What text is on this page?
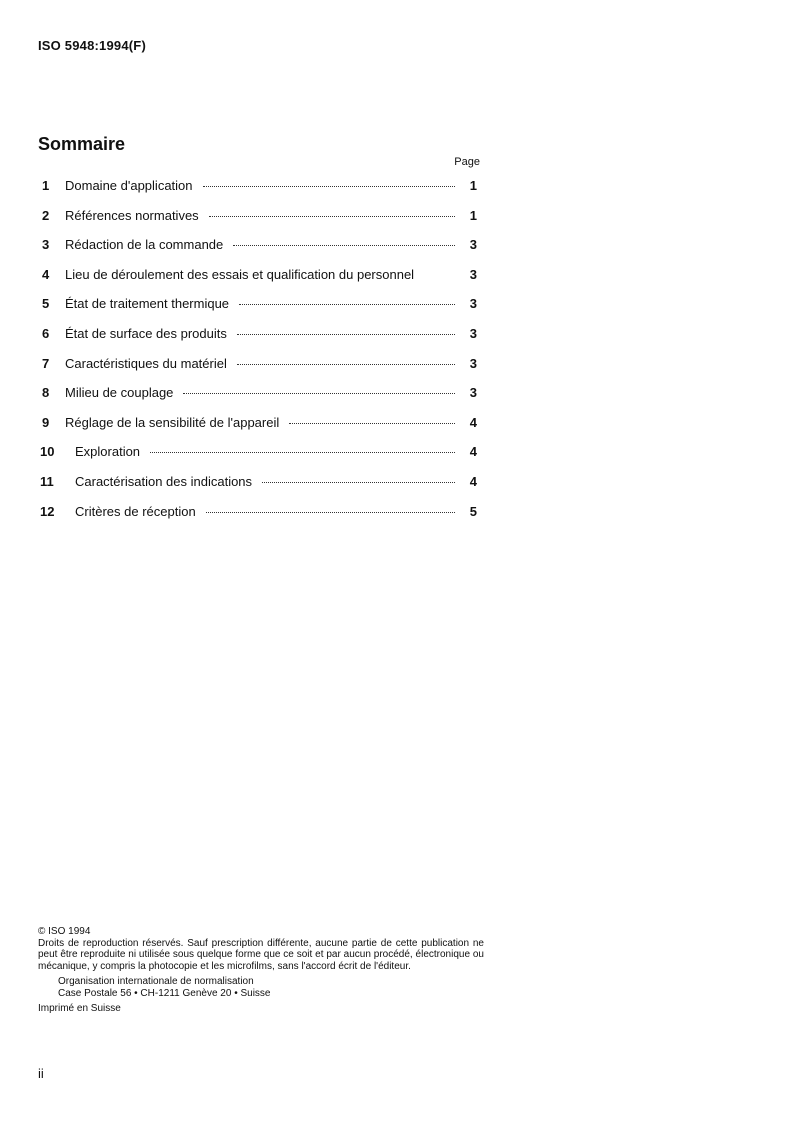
ISO 5948:1994(F)
Sommaire
Page
1	Domaine d'application	1
2	Références normatives	1
3	Rédaction de la commande	3
4	Lieu de déroulement des essais et qualification du personnel	3
5	État de traitement thermique	3
6	État de surface des produits	3
7	Caractéristiques du matériel	3
8	Milieu de couplage	3
9	Réglage de la sensibilité de l'appareil	4
10	Exploration	4
11	Caractérisation des indications	4
12	Critères de réception	5
© ISO 1994
Droits de reproduction réservés. Sauf prescription différente, aucune partie de cette publication ne peut être reproduite ni utilisée sous quelque forme que ce soit et par aucun procédé, électronique ou mécanique, y compris la photocopie et les microfilms, sans l'accord écrit de l'éditeur.
Organisation internationale de normalisation
Case Postale 56 • CH-1211 Genève 20 • Suisse
Imprimé en Suisse
ii
